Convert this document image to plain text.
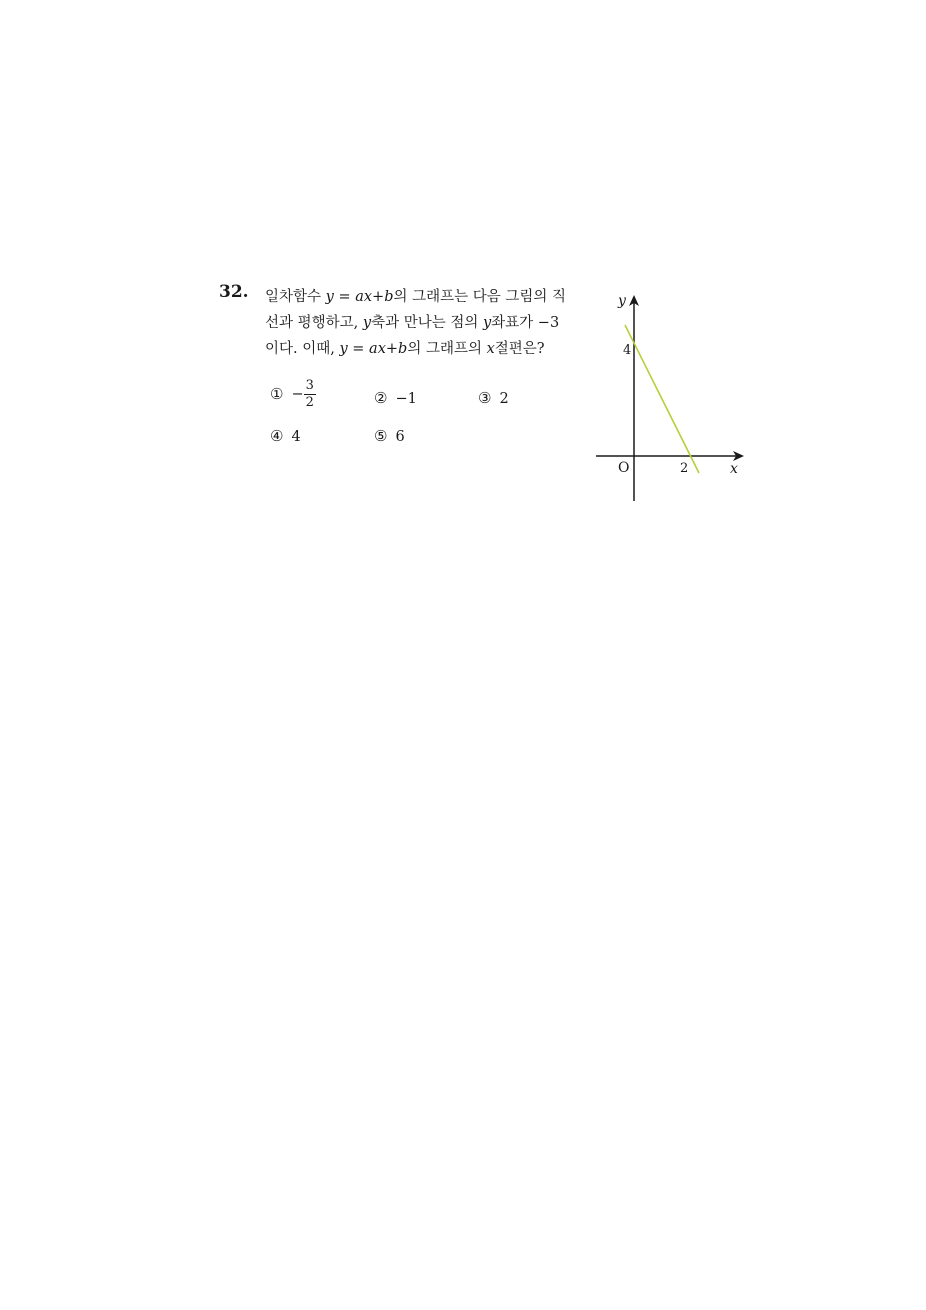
32. 일차함수 y = ax+b의 그래프는 다음 그림의 직
선과 평행하고, y축과 만나는 점의 y좌표가 −3
이다. 이때, y = ax+b의 그래프의 x절편은?
① − $\frac{3}{2}$	② −1	③ 2
④ 4	⑤ 6
y
x
O
4
2
